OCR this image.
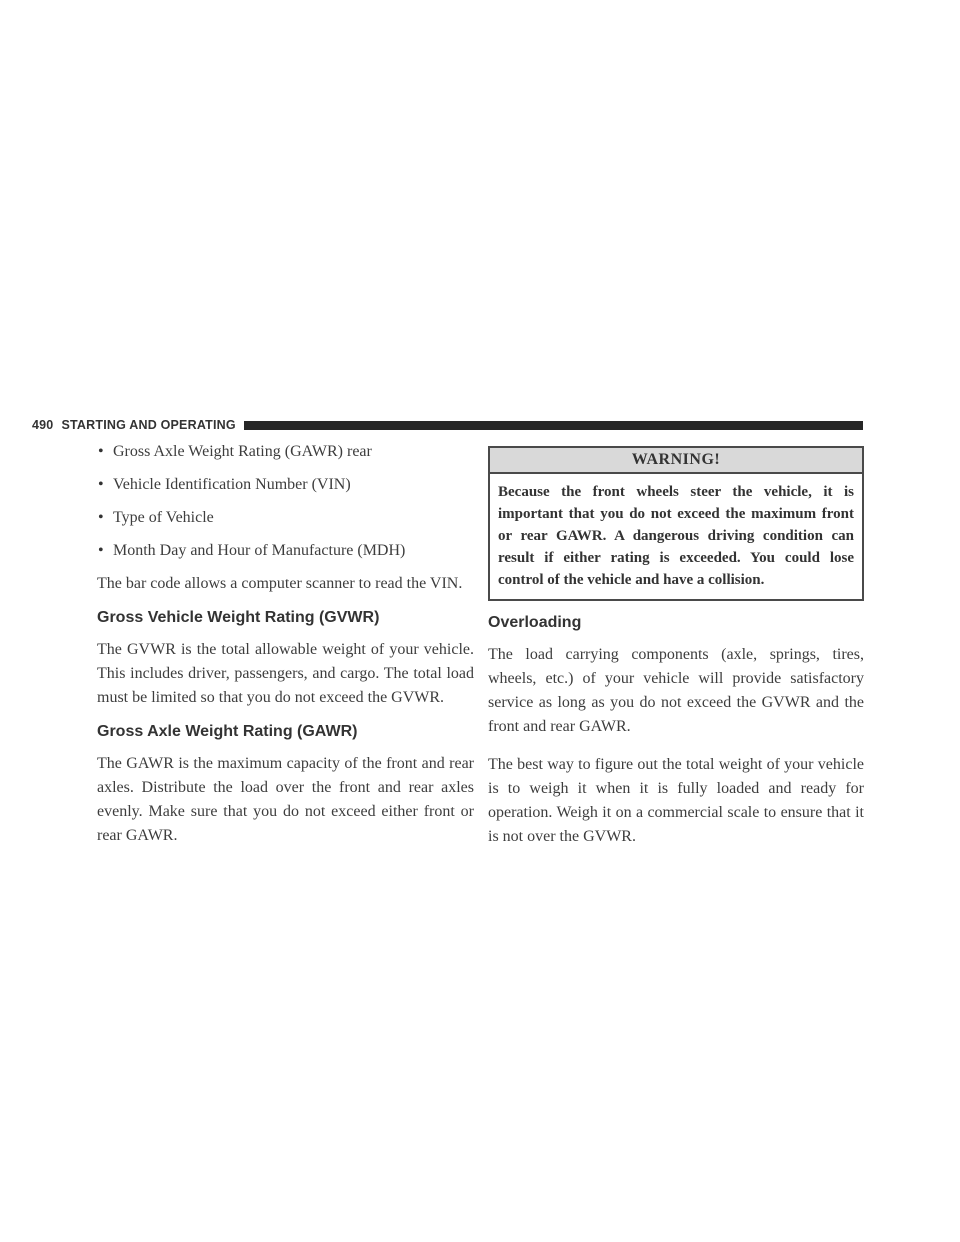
490 STARTING AND OPERATING
• Gross Axle Weight Rating (GAWR) rear
• Vehicle Identification Number (VIN)
• Type of Vehicle
• Month Day and Hour of Manufacture (MDH)

The bar code allows a computer scanner to read the VIN.

Gross Vehicle Weight Rating (GVWR)

The GVWR is the total allowable weight of your vehicle. This includes driver, passengers, and cargo. The total load must be limited so that you do not exceed the GVWR.

Gross Axle Weight Rating (GAWR)

The GAWR is the maximum capacity of the front and rear axles. Distribute the load over the front and rear axles evenly. Make sure that you do not exceed either front or rear GAWR.

WARNING!
Because the front wheels steer the vehicle, it is important that you do not exceed the maximum front or rear GAWR. A dangerous driving condition can result if either rating is exceeded. You could lose control of the vehicle and have a collision.
Overloading

The load carrying components (axle, springs, tires, wheels, etc.) of your vehicle will provide satisfactory service as long as you do not exceed the GVWR and the front and rear GAWR.

The best way to figure out the total weight of your vehicle is to weigh it when it is fully loaded and ready for operation. Weigh it on a commercial scale to ensure that it is not over the GVWR.
